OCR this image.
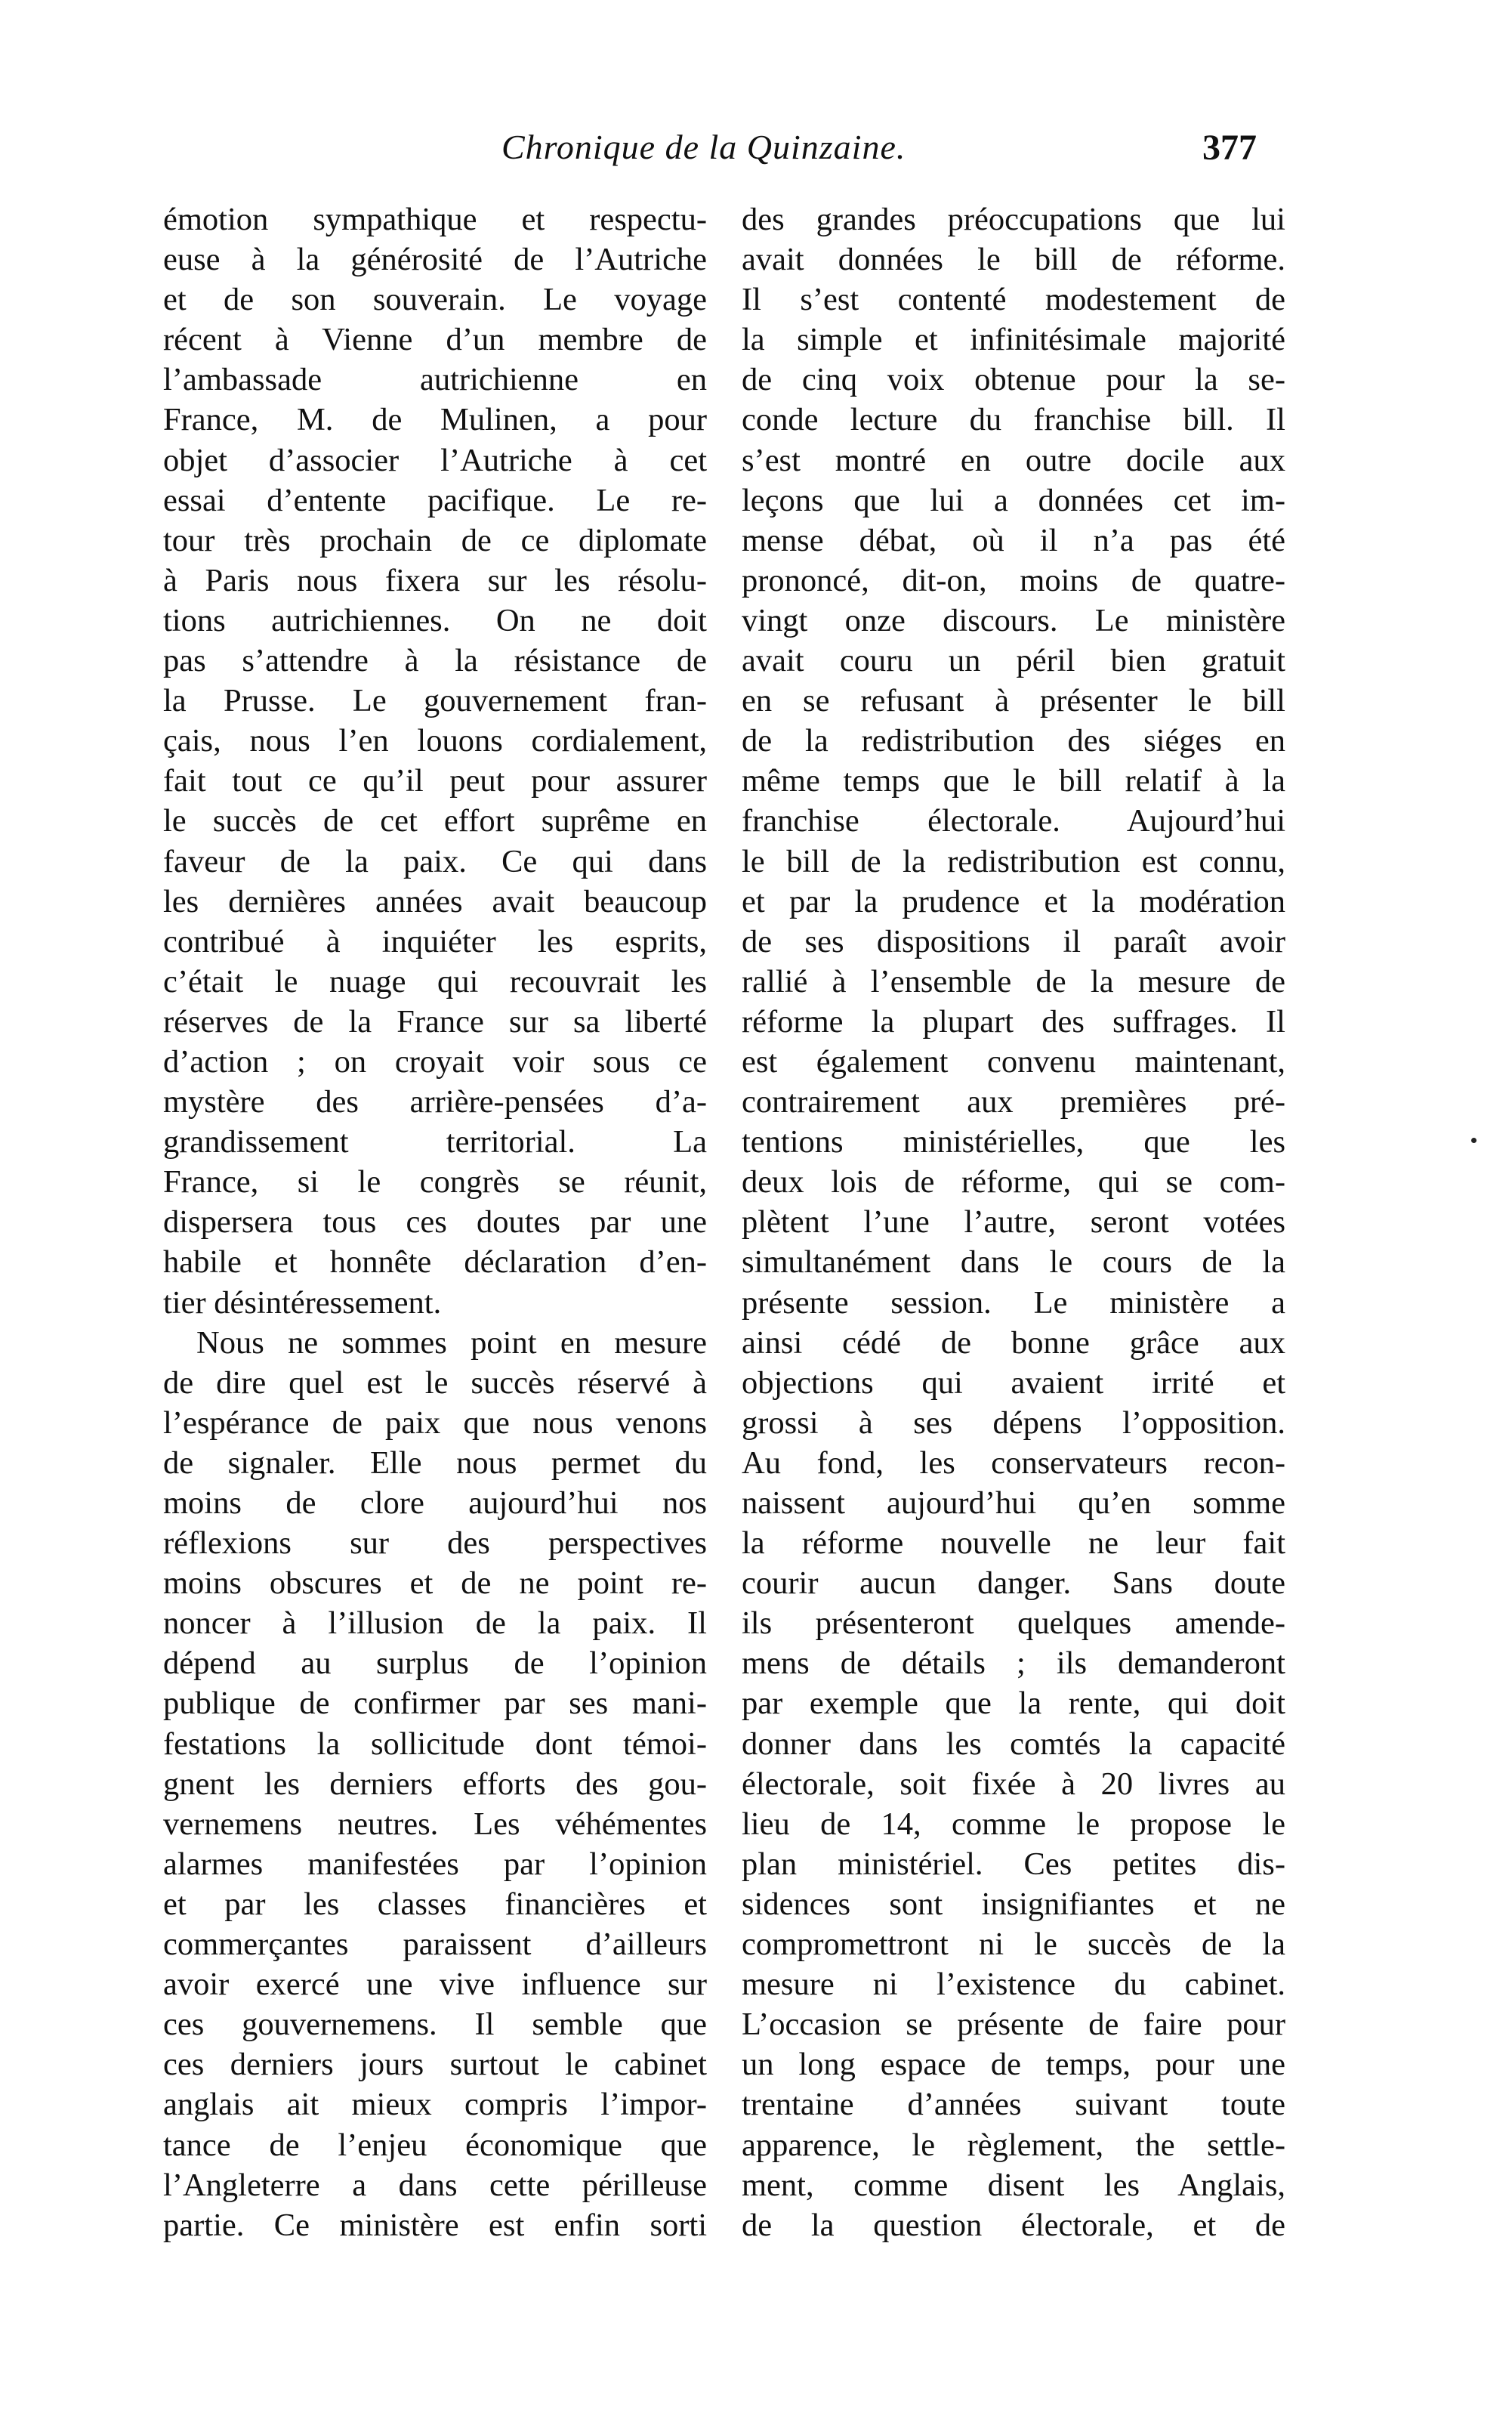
Chronique de la Quinzaine.	377
émotion sympathique et respectu-
euse à la générosité de l’Autriche
et de son souverain. Le voyage
récent à Vienne d’un membre de
l’ambassade autrichienne en
France, M. de Mulinen, a pour
objet d’associer l’Autriche à cet
essai d’entente pacifique. Le re-
tour très prochain de ce diplomate
à Paris nous fixera sur les résolu-
tions autrichiennes. On ne doit
pas s’attendre à la résistance de
la Prusse. Le gouvernement fran-
çais, nous l’en louons cordialement,
fait tout ce qu’il peut pour assurer
le succès de cet effort suprême en
faveur de la paix. Ce qui dans
les dernières années avait beaucoup
contribué à inquiéter les esprits,
c’était le nuage qui recouvrait les
réserves de la France sur sa liberté
d’action ; on croyait voir sous ce
mystère des arrière-pensées d’a-
grandissement territorial. La
France, si le congrès se réunit,
dispersera tous ces doutes par une
habile et honnête déclaration d’en-
tier désintéressement.
Nous ne sommes point en mesure
de dire quel est le succès réservé à
l’espérance de paix que nous venons
de signaler. Elle nous permet du
moins de clore aujourd’hui nos
réflexions sur des perspectives
moins obscures et de ne point re-
noncer à l’illusion de la paix. Il
dépend au surplus de l’opinion
publique de confirmer par ses mani-
festations la sollicitude dont témoi-
gnent les derniers efforts des gou-
vernemens neutres. Les véhémentes
alarmes manifestées par l’opinion
et par les classes financières et
commerçantes paraissent d’ailleurs
avoir exercé une vive influence sur
ces gouvernemens. Il semble que
ces derniers jours surtout le cabinet
anglais ait mieux compris l’impor-
tance de l’enjeu économique que
l’Angleterre a dans cette périlleuse
partie. Ce ministère est enfin sorti
des grandes préoccupations que lui
avait données le bill de réforme.
Il s’est contenté modestement de
la simple et infinitésimale majorité
de cinq voix obtenue pour la se-
conde lecture du franchise bill. Il
s’est montré en outre docile aux
leçons que lui a données cet im-
mense débat, où il n’a pas été
prononcé, dit-on, moins de quatre-
vingt onze discours. Le ministère
avait couru un péril bien gratuit
en se refusant à présenter le bill
de la redistribution des siéges en
même temps que le bill relatif à la
franchise électorale. Aujourd’hui
le bill de la redistribution est connu,
et par la prudence et la modération
de ses dispositions il paraît avoir
rallié à l’ensemble de la mesure de
réforme la plupart des suffrages. Il
est également convenu maintenant,
contrairement aux premières pré-
tentions ministérielles, que les
deux lois de réforme, qui se com-
plètent l’une l’autre, seront votées
simultanément dans le cours de la
présente session. Le ministère a
ainsi cédé de bonne grâce aux
objections qui avaient irrité et
grossi à ses dépens l’opposition.
Au fond, les conservateurs recon-
naissent aujourd’hui qu’en somme
la réforme nouvelle ne leur fait
courir aucun danger. Sans doute
ils présenteront quelques amende-
mens de détails ; ils demanderont
par exemple que la rente, qui doit
donner dans les comtés la capacité
électorale, soit fixée à 20 livres au
lieu de 14, comme le propose le
plan ministériel. Ces petites dis-
sidences sont insignifiantes et ne
compromettront ni le succès de la
mesure ni l’existence du cabinet.
L’occasion se présente de faire pour
un long espace de temps, pour une
trentaine d’années suivant toute
apparence, le règlement, the settle-
ment, comme disent les Anglais,
de la question électorale, et de
